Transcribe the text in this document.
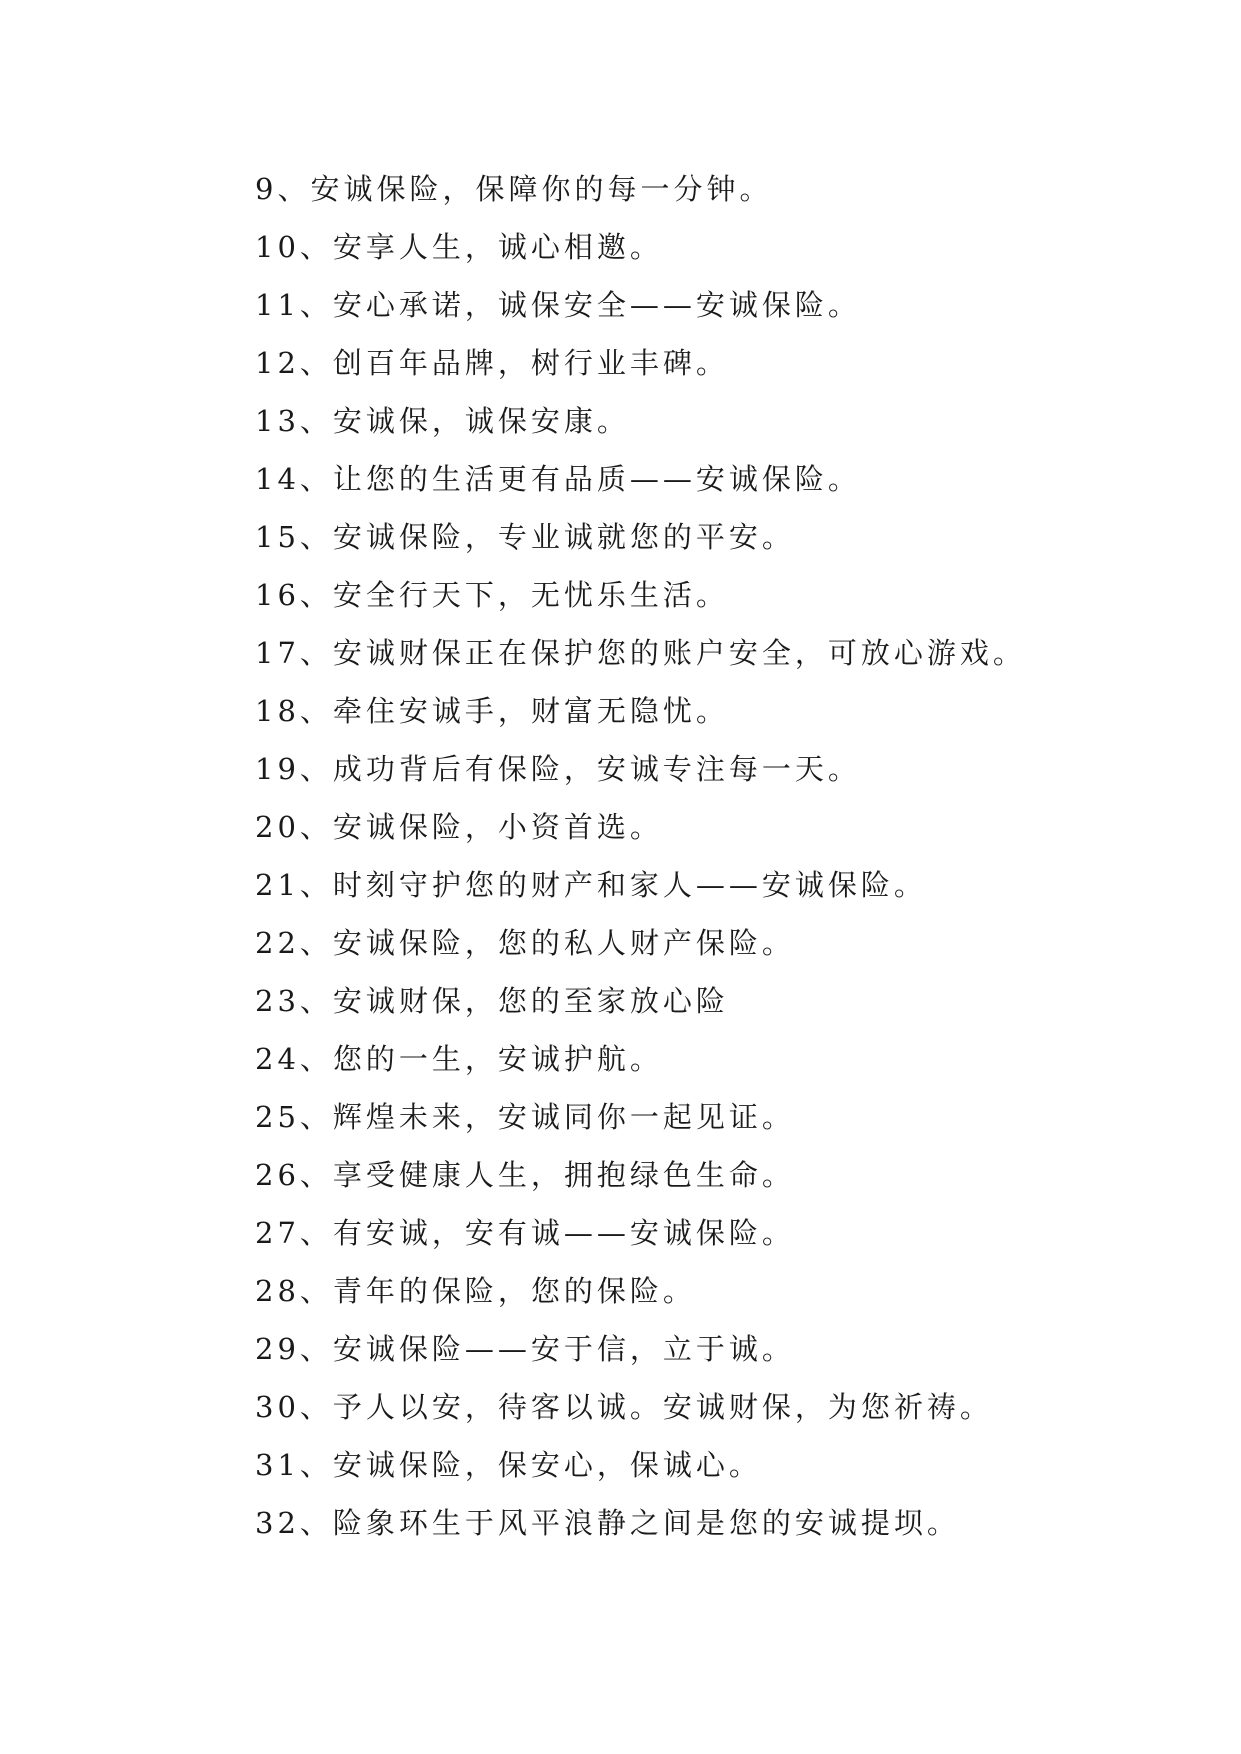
9、安诚保险，保障你的每一分钟。
10、安享人生，诚心相邀。
11、安心承诺，诚保安全——安诚保险。
12、创百年品牌，树行业丰碑。
13、安诚保，诚保安康。
14、让您的生活更有品质——安诚保险。
15、安诚保险，专业诚就您的平安。
16、安全行天下，无忧乐生活。
17、安诚财保正在保护您的账户安全，可放心游戏。
18、牵住安诚手，财富无隐忧。
19、成功背后有保险，安诚专注每一天。
20、安诚保险，小资首选。
21、时刻守护您的财产和家人——安诚保险。
22、安诚保险，您的私人财产保险。
23、安诚财保，您的至家放心险
24、您的一生，安诚护航。
25、辉煌未来，安诚同你一起见证。
26、享受健康人生，拥抱绿色生命。
27、有安诚，安有诚——安诚保险。
28、青年的保险，您的保险。
29、安诚保险——安于信，立于诚。
30、予人以安，待客以诚。安诚财保，为您祈祷。
31、安诚保险，保安心，保诚心。
32、险象环生于风平浪静之间是您的安诚提坝。
